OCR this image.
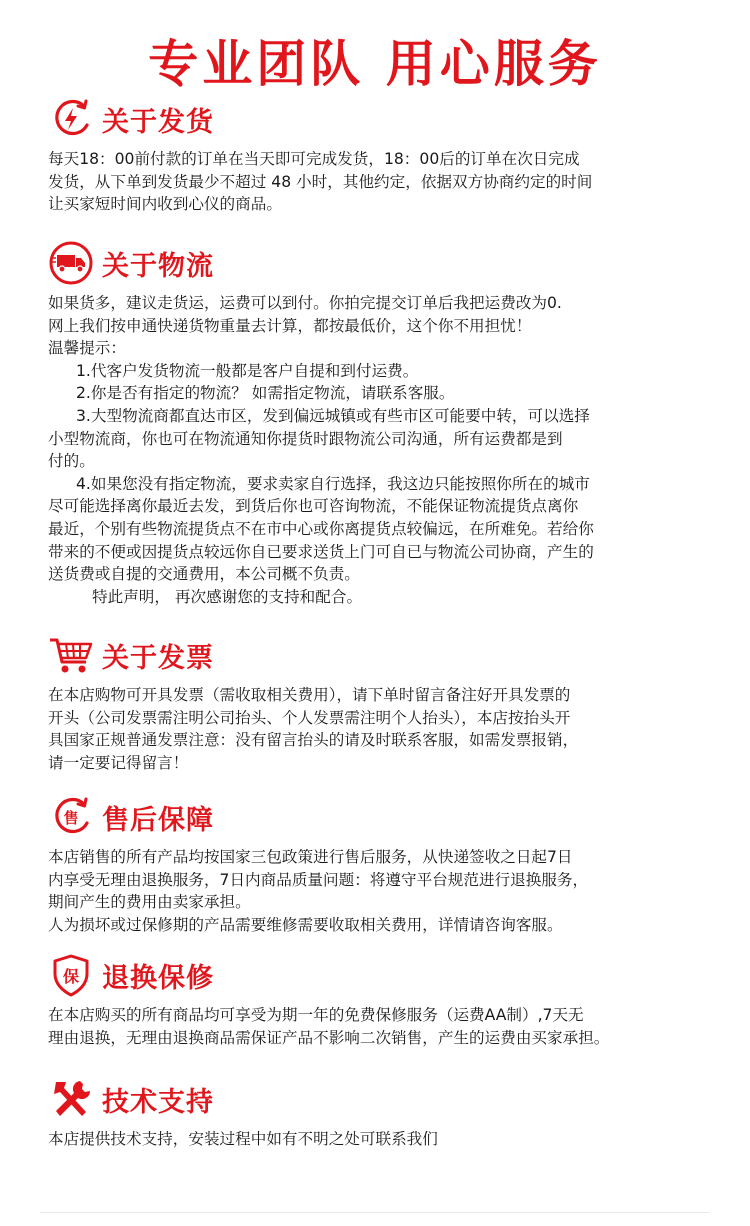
专业团队 用心服务
关于发货
每天18：00前付款的订单在当天即可完成发货，18：00后的订单在次日完成
发货，从下单到发货最少不超过 48 小时，其他约定，依据双方协商约定的时间
让买家短时间内收到心仪的商品。
关于物流
如果货多，建议走货运，运费可以到付。你拍完提交订单后我把运费改为0.
网上我们按申通快递货物重量去计算，都按最低价，这个你不用担忧！
温馨提示：
1.代客户发货物流一般都是客户自提和到付运费。
2.你是否有指定的物流？ 如需指定物流，请联系客服。
3.大型物流商都直达市区，发到偏远城镇或有些市区可能要中转，可以选择
小型物流商，你也可在物流通知你提货时跟物流公司沟通，所有运费都是到
付的。
4.如果您没有指定物流，要求卖家自行选择，我这边只能按照你所在的城市
尽可能选择离你最近去发，到货后你也可咨询物流，不能保证物流提货点离你
最近，个别有些物流提货点不在市中心或你离提货点较偏远，在所难免。若给你
带来的不便或因提货点较远你自已要求送货上门可自已与物流公司协商，产生的
送货费或自提的交通费用，本公司概不负责。
特此声明， 再次感谢您的支持和配合。
关于发票
在本店购物可开具发票（需收取相关费用），请下单时留言备注好开具发票的
开头（公司发票需注明公司抬头、个人发票需注明个人抬头），本店按抬头开
具国家正规普通发票注意：没有留言抬头的请及时联系客服，如需发票报销，
请一定要记得留言！
售 售后保障
本店销售的所有产品均按国家三包政策进行售后服务，从快递签收之日起7日
内享受无理由退换服务，7日内商品质量问题：将遵守平台规范进行退换服务，
期间产生的费用由卖家承担。
人为损坏或过保修期的产品需要维修需要收取相关费用，详情请咨询客服。
保 退换保修
在本店购买的所有商品均可享受为期一年的免费保修服务（运费AA制）,7天无
理由退换，无理由退换商品需保证产品不影响二次销售，产生的运费由买家承担。
技术支持
本店提供技术支持，安装过程中如有不明之处可联系我们
